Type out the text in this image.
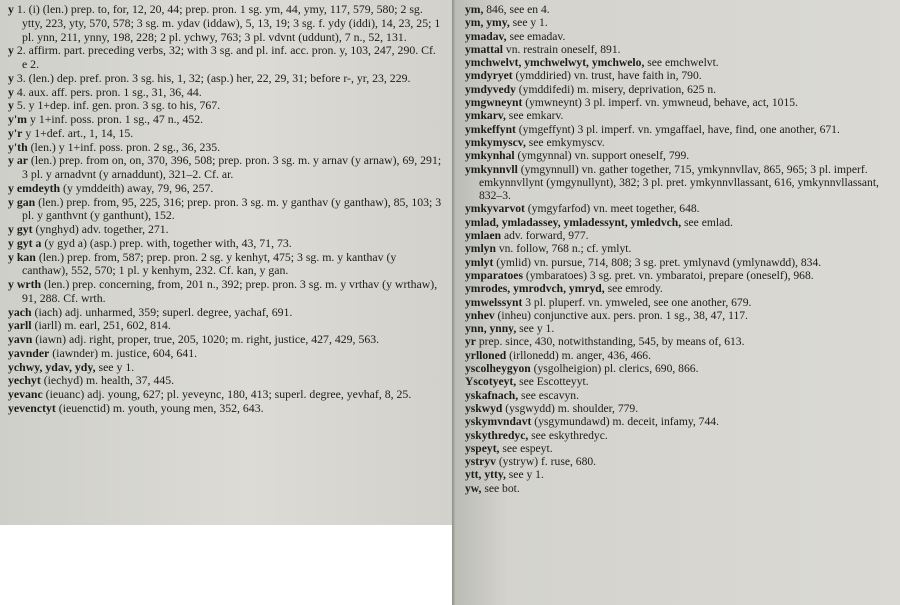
y 1. (i) (len.) prep. to, for, 12, 20, 44; prep. pron. 1 sg. ym, 44, ymy, 117, 579, 580; 2 sg. ytty, 223, yty, 570, 578; 3 sg. m. ydav (iddaw), 5, 13, 19; 3 sg. f. ydy (iddi), 14, 23, 25; 1 pl. ynn, 211, ynny, 198, 228; 2 pl. ychwy, 763; 3 pl. vdvnt (uddunt), 7 n., 52, 131.

y 2. affirm. part. preceding verbs, 32; with 3 sg. and pl. inf. acc. pron. y, 103, 247, 290. Cf. e 2.

y 3. (len.) dep. pref. pron. 3 sg. his, 1, 32; (asp.) her, 22, 29, 31; before r-, yr, 23, 229.

y 4. aux. aff. pers. pron. 1 sg., 31, 36, 44.

y 5. y 1+dep. inf. gen. pron. 3 sg. to his, 767.

y'm y 1+inf. poss. pron. 1 sg., 47 n., 452.

y'r y 1+def. art., 1, 14, 15.

y'th (len.) y 1+inf. poss. pron. 2 sg., 36, 235.

y ar (len.) prep. from on, on, 370, 396, 508; prep. pron. 3 sg. m. y arnav (y arnaw), 69, 291; 3 pl. y arnadvnt (y arnaddunt), 321–2. Cf. ar.

y emdeyth (y ymddeith) away, 79, 96, 257.

y gan (len.) prep. from, 95, 225, 316; prep. pron. 3 sg. m. y ganthav (y ganthaw), 85, 103; 3 pl. y ganthvnt (y ganthunt), 152.

y gyt (ynghyd) adv. together, 271.

y gyt a (y gyd a) (asp.) prep. with, together with, 43, 71, 73.

y kan (len.) prep. from, 587; prep. pron. 2 sg. y kenhyt, 475; 3 sg. m. y kanthav (y canthaw), 552, 570; 1 pl. y kenhym, 232. Cf. kan, y gan.

y wrth (len.) prep. concerning, from, 201 n., 392; prep. pron. 3 sg. m. y vrthav (y wrthaw), 91, 288. Cf. wrth.

yach (iach) adj. unharmed, 359; superl. degree, yachaf, 691.

yarll (iarll) m. earl, 251, 602, 814.

yavn (iawn) adj. right, proper, true, 205, 1020; m. right, justice, 427, 429, 563.

yavnder (iawnder) m. justice, 604, 641.

ychwy, ydav, ydy, see y 1.

yechyt (iechyd) m. health, 37, 445.

yevanc (ieuanc) adj. young, 627; pl. yeveync, 180, 413; superl. degree, yevhaf, 8, 25.

yevenctyt (ieuenctid) m. youth, young men, 352, 643.

ym, 846, see en 4.

ym, ymy, see y 1.

ymadav, see emadav.

ymattal vn. restrain oneself, 891.

ymchwelvt, ymchwelwyt, ymchwelo, see emchwelvt.

ymdyryet (ymddiried) vn. trust, have faith in, 790.

ymdyvedy (ymddifedi) m. misery, deprivation, 625 n.

ymgwneynt (ymwneynt) 3 pl. imperf. vn. ymwneud, behave, act, 1015.

ymkarv, see emkarv.

ymkeffynt (ymgeffynt) 3 pl. imperf. vn. ymgaffael, have, find, one another, 671.

ymkymyscv, see emkymyscv.

ymkynhal (ymgynnal) vn. support oneself, 799.

ymkynnvll (ymgynnull) vn. gather together, 715, ymkynnvllav, 865, 965; 3 pl. imperf. emkynnvllynt (ymgynullynt), 382; 3 pl. pret. ymkynnvllassant, 616, ymkynnvllassant, 832–3.

ymkyvarvot (ymgyfarfod) vn. meet together, 648.

ymlad, ymladassey, ymladessynt, ymledvch, see emlad.

ymlaen adv. forward, 977.

ymlyn vn. follow, 768 n.; cf. ymlyt.

ymlyt (ymlid) vn. pursue, 714, 808; 3 sg. pret. ymlynavd (ymlynawdd), 834.

ymparatoes (ymbaratoes) 3 sg. pret. vn. ymbaratoi, prepare (oneself), 968.

ymrodes, ymrodvch, ymryd, see emrody.

ymwelssynt 3 pl. pluperf. vn. ymweled, see one another, 679.

ynhev (inheu) conjunctive aux. pers. pron. 1 sg., 38, 47, 117.

ynn, ynny, see y 1.

yr prep. since, 430, notwithstanding, 545, by means of, 613.

yrlloned (irllonedd) m. anger, 436, 466.

yscolheygyon (ysgolheigion) pl. clerics, 690, 866.

Yscotyeyt, see Escotteyyt.

yskafnach, see escavyn.

yskwyd (ysgwydd) m. shoulder, 779.

yskymvndavt (ysgymundawd) m. deceit, infamy, 744.

yskythredyc, see eskythredyc.

yspeyt, see espeyt.

ystryv (ystryw) f. ruse, 680.

ytt, ytty, see y 1.

yw, see bot.
